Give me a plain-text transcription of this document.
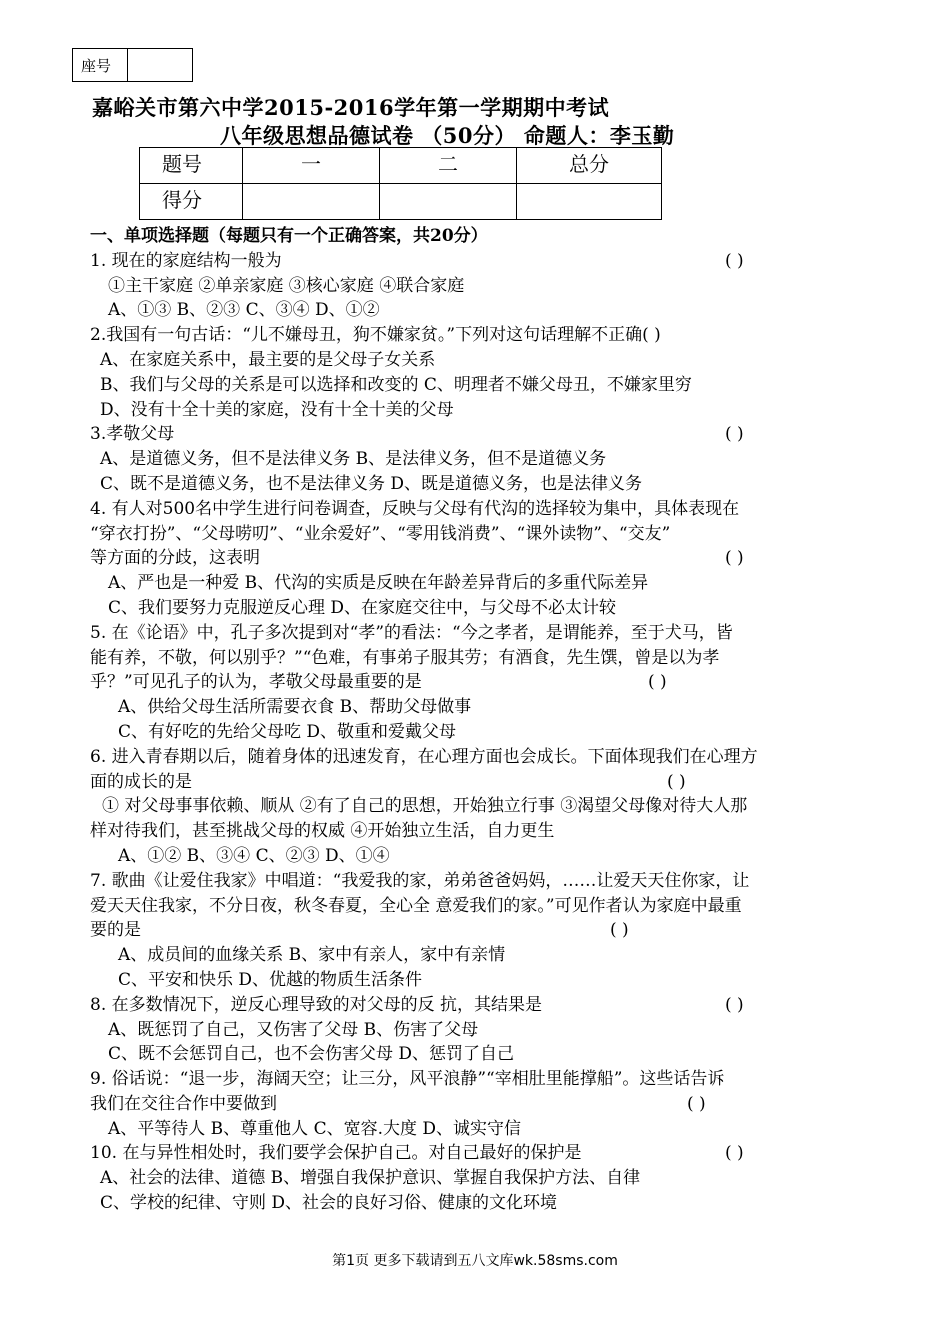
座号	
嘉峪关市第六中学2015-2016学年第一学期期中考试
八年级思想品德试卷 （50分） 命题人：李玉勤
题号	一	二	总分
得分			
一、单项选择题（每题只有一个正确答案，共20分）
1. 现在的家庭结构一般为	( )
①主干家庭 ②单亲家庭 ③核心家庭 ④联合家庭
A、①③ B、②③ C、③④ D、①②
2.我国有一句古话：“儿不嫌母丑，狗不嫌家贫。”下列对这句话理解不正确( )
A、在家庭关系中，最主要的是父母子女关系
B、我们与父母的关系是可以选择和改变的 C、明理者不嫌父母丑，不嫌家里穷
D、没有十全十美的家庭，没有十全十美的父母
3.孝敬父母	( )
A、是道德义务，但不是法律义务 B、是法律义务，但不是道德义务
C、既不是道德义务，也不是法律义务 D、既是道德义务，也是法律义务
4. 有人对500名中学生进行问卷调查，反映与父母有代沟的选择较为集中，具体表现在
“穿衣打扮”、“父母唠叨”、“业余爱好”、“零用钱消费”、“课外读物”、“交友”
等方面的分歧，这表明	( )
A、严也是一种爱 B、代沟的实质是反映在年龄差异背后的多重代际差异
C、我们要努力克服逆反心理 D、在家庭交往中，与父母不必太计较
5. 在《论语》中，孔子多次提到对“孝”的看法：“今之孝者，是谓能养，至于犬马，皆
能有养，不敬，何以别乎？”“色难，有事弟子服其劳；有酒食，先生馔，曾是以为孝
乎？”可见孔子的认为，孝敬父母最重要的是	( )
A、供给父母生活所需要衣食 B、帮助父母做事
C、有好吃的先给父母吃 D、敬重和爱戴父母
6. 进入青春期以后，随着身体的迅速发育，在心理方面也会成长。下面体现我们在心理方
面的成长的是	( )
① 对父母事事依赖、顺从 ②有了自己的思想，开始独立行事 ③渴望父母像对待大人那
样对待我们，甚至挑战父母的权威 ④开始独立生活，自力更生
A、①② B、③④ C、②③ D、①④
7. 歌曲《让爱住我家》中唱道：“我爱我的家，弟弟爸爸妈妈，……让爱天天住你家，让
爱天天住我家，不分日夜，秋冬春夏，全心全 意爱我们的家。”可见作者认为家庭中最重
要的是	( )
A、成员间的血缘关系 B、家中有亲人，家中有亲情
C、平安和快乐 D、优越的物质生活条件
8. 在多数情况下，逆反心理导致的对父母的反 抗，其结果是	( )
A、既惩罚了自己，又伤害了父母 B、伤害了父母
C、既不会惩罚自己，也不会伤害父母 D、惩罚了自己
9. 俗话说：“退一步，海阔天空；让三分，风平浪静”“宰相肚里能撑船”。这些话告诉
我们在交往合作中要做到	( )
A、平等待人 B、尊重他人 C、宽容.大度 D、诚实守信
10. 在与异性相处时，我们要学会保护自己。对自己最好的保护是	( )
A、社会的法律、道德 B、增强自我保护意识、掌握自我保护方法、自律
C、学校的纪律、守则 D、社会的良好习俗、健康的文化环境
第1页 更多下载请到五八文库wk.58sms.com
